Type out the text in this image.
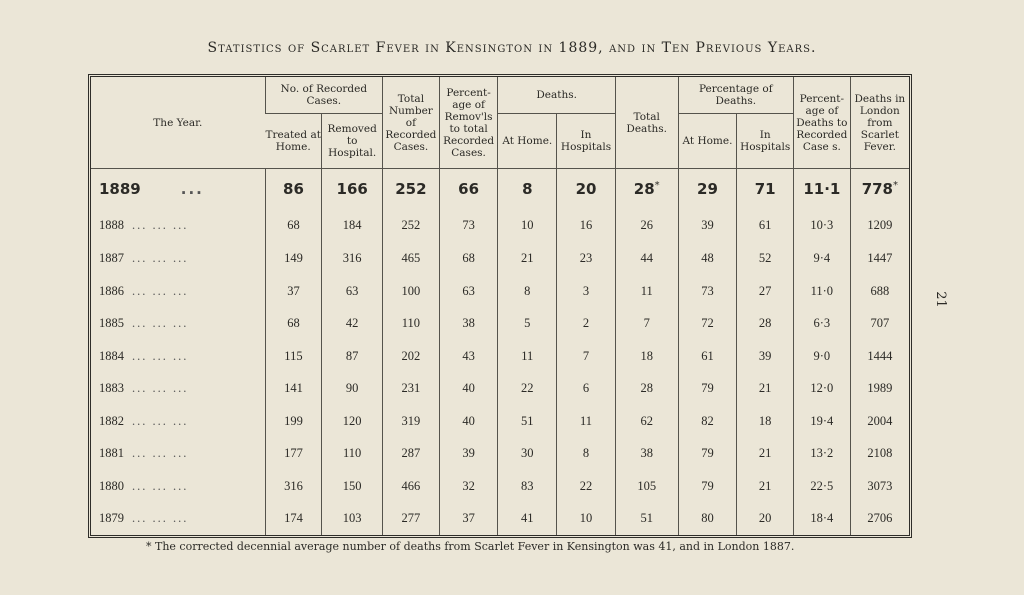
Statistics of Scarlet Fever in Kensington in 1889, and in Ten Previous Years.
21
The Year.	No. of Recorded Cases.		Total Number of Recorded Cases.	Percent-age of Remov'ls to total Recorded Cases.	Deaths.		Total Deaths.	Percentage of Deaths.		Percent-age of Deaths to Recorded Case s.	Deaths in London from Scarlet Fever.
	Treated at Home.	Removed to Hospital.			At Home.	In Hospitals		At Home.	In Hospitals		
1889 ...	86	166	252	66	8	20	28*	29	71	11·1	778*
1888 ... ... ...	68	184	252	73	10	16	26	39	61	10·3	1209
1887 ... ... ...	149	316	465	68	21	23	44	48	52	9·4	1447
1886 ... ... ...	37	63	100	63	8	3	11	73	27	11·0	688
1885 ... ... ...	68	42	110	38	5	2	7	72	28	6·3	707
1884 ... ... ...	115	87	202	43	11	7	18	61	39	9·0	1444
1883 ... ... ...	141	90	231	40	22	6	28	79	21	12·0	1989
1882 ... ... ...	199	120	319	40	51	11	62	82	18	19·4	2004
1881 ... ... ...	177	110	287	39	30	8	38	79	21	13·2	2108
1880 ... ... ...	316	150	466	32	83	22	105	79	21	22·5	3073
1879 ... ... ...	174	103	277	37	41	10	51	80	20	18·4	2706
* The corrected decennial average number of deaths from Scarlet Fever in Kensington was 41, and in London 1887.
